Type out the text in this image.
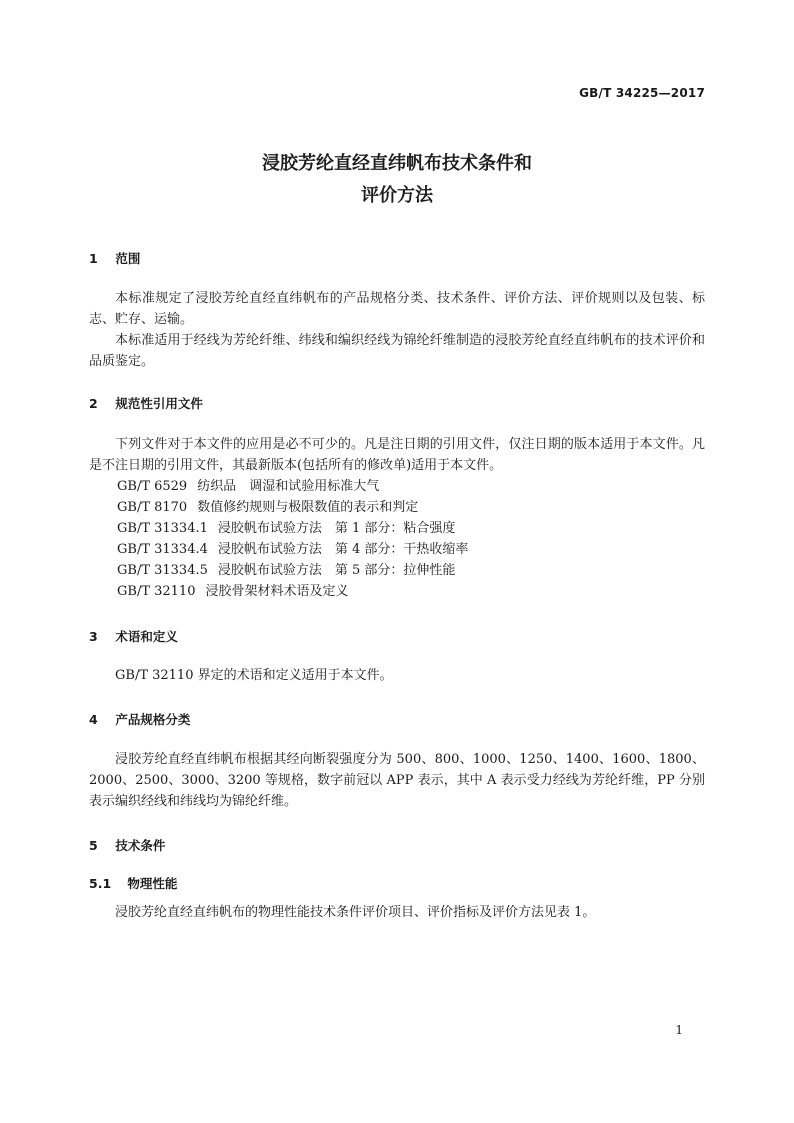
GB/T 34225—2017
浸胶芳纶直经直纬帆布技术条件和
评价方法
1 范围

本标准规定了浸胶芳纶直经直纬帆布的产品规格分类、技术条件、评价方法、评价规则以及包装、标志、贮存、运输。

本标准适用于经线为芳纶纤维、纬线和编织经线为锦纶纤维制造的浸胶芳纶直经直纬帆布的技术评价和品质鉴定。

2 规范性引用文件

下列文件对于本文件的应用是必不可少的。凡是注日期的引用文件，仅注日期的版本适用于本文件。凡是不注日期的引用文件，其最新版本(包括所有的修改单)适用于本文件。

GB/T 6529 纺织品　调湿和试验用标准大气
GB/T 8170 数值修约规则与极限数值的表示和判定
GB/T 31334.1 浸胶帆布试验方法　第 1 部分：粘合强度
GB/T 31334.4 浸胶帆布试验方法　第 4 部分：干热收缩率
GB/T 31334.5 浸胶帆布试验方法　第 5 部分：拉伸性能
GB/T 32110 浸胶骨架材料术语及定义
3 术语和定义

GB/T 32110 界定的术语和定义适用于本文件。

4 产品规格分类

浸胶芳纶直经直纬帆布根据其经向断裂强度分为 500、800、1000、1250、1400、1600、1800、2000、2500、3000、3200 等规格，数字前冠以 APP 表示，其中 A 表示受力经线为芳纶纤维，PP 分别表示编织经线和纬线均为锦纶纤维。

5 技术条件
5.1 物理性能

浸胶芳纶直经直纬帆布的物理性能技术条件评价项目、评价指标及评价方法见表 1。

1
